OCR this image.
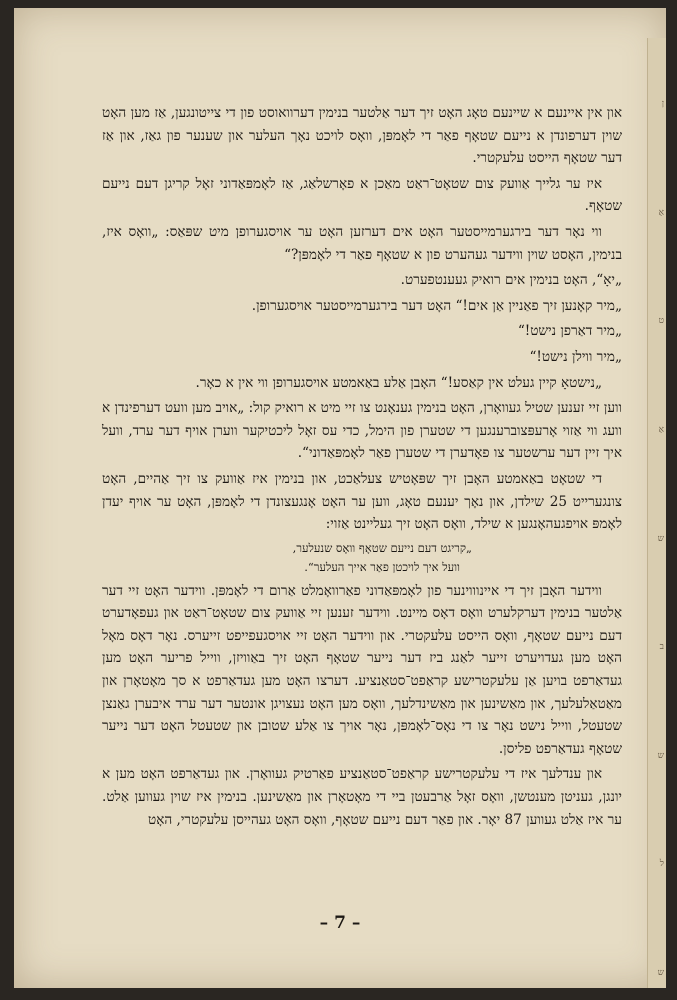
ן
אַ
ט
אַ
ש
ב
ש
ל
ש

און אין איינעם א שיינעם טאָג האָט זיך דער אַלטער בנימין דערוואוסט פון די צייטונגען, אַז מען האָט שוין דערפונדן א נייעם שטאָף פאַר די לאָמפּן, וואָס לויכט נאָך העלער און שענער פון גאַז, און אַז דער שטאָף הייסט עלעקטרי.

איז ער גלייך אַוועק צום שטאָט־ראַט מאַכן א פאָרשלאַג, אַז לאָמפּאַדוני זאָל קריגן דעם נייעם שטאָף.

ווי נאָר דער בירגערמייסטער האָט אים דערזען האָט ער אויסגערופן מיט שפּאַס: „וואָס איז, בנימין, האָסט שוין ווידער געהערט פון א שטאָף פאַר די לאָמפּן?“

„יאָ“, האָט בנימין אים רואיק געענטפערט.

„מיר קאָנען זיך פאַניין אַן אים!“ האָט דער בירגערמייסטער אויסגערופן.

„מיר דאַרפן נישט!“

„מיר ווילן נישט!“

„נישטאָ קיין געלט אין קאַסע!“ האָבן אַלע באַאמטע אויסגערופן ווי אין א כאָר.

ווען זיי זענען שטיל געוואָרן, האָט בנימין גענאָנט צו זיי מיט א רואיק קול: „אויב מען וועט דערפינדן א וועג ווי אַזוי אָרעפּצוברענגען די שטערן פון הימל, כדי עס זאָל ליכטיקער ווערן אויף דער ערד, וועל איך זיין דער ערשטער צו פאָדערן די שטערן פאַר לאָמפּאַדוני“.

די שטאָט באַאמטע האָבן זיך שפּאָטיש צעלאַכט, און בנימין איז אַוועק צו זיך אַהיים, האָט צונגערייט 25 שילדן, און נאָך יענעם טאָג, ווען ער האָט אָנגעצונדן די לאָמפּן, האָט ער אויף יעדן לאָמפּ אויפגעהאָנגען א שילד, וואָס האָט זיך געליינט אַזוי:

„קריגט דעם נייעם שטאָף וואָס שנעלער,
וועל איך לויכטן פאַר אייך העלער“.

ווידער האָבן זיך די איינוווינער פון לאָמפּאַדוני פאַרוואָמלט אַרום די לאָמפּן. ווידער האָט זיי דער אַלטער בנימין דערקלערט וואָס דאָס מיינט. ווידער זענען זיי אַוועק צום שטאָט־ראַט און געפאָדערט דעם נייעם שטאָף, וואָס הייסט עלעקטרי. און ווידער האָט זיי אויסגעפייפט זייערס. נאָר דאָס מאָל האָט מען געדויערט זייער לאַנג ביז דער נייער שטאָף האָט זיך באַוויזן, ווייל פריער האָט מען געדאַרפט בויען אַן עלעקטרישע קראַפט־סטאַנציע. דערצו האָט מען געדאַרפט א סך מאָטאָרן און מאַטאַלעלעך, און מאַשינען און מאַשינדלעך, וואָס מען האָט נעצויגן אונטער דער ערד איבערן גאַנצן שטעטל, ווייל נישט נאָר צו די נאָס־לאָמפּן, נאָר אויך צו אַלע שטובן און שטעטל האָט דער נייער שטאָף געדאַרפט פליסן.

און ענדלעך איז די עלעקטרישע קראַפט־סטאַנציע פאַרטיק געוואָרן. און געדאַרפט האָט מען א יונגן, געניטן מענטשן, וואָס זאָל אַרבעטן ביי די מאָטאָרן און מאַשינען. בנימין איז שוין געווען אַלט. ער איז אַלט געווען 87 יאָר. און פאַר דעם נייעם שטאָף, וואָס האָט געהייסן עלעקטרי, האָט

– 7 –
